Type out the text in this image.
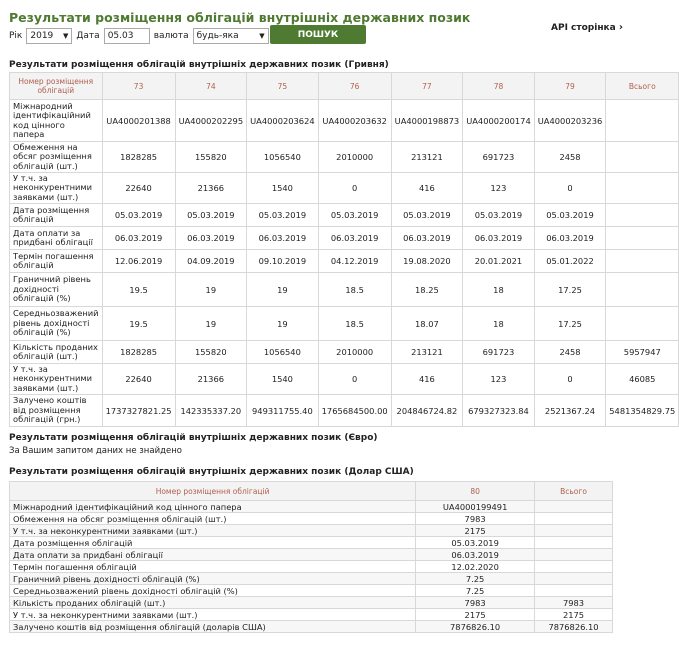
Результати розміщення облігацій внутрішніх державних позик
API сторінка ›
Рік 2019 ▼ Дата 05.03 валюта будь-яка	▼	ПОШУК
Результати розміщення облігацій внутрішніх державних позик (Гривня)
Номер розміщення облігацій	73	74	75	76	77	78	79	Всього
Міжнародний ідентифікаційний код цінного папера	UA4000201388	UA4000202295	UA4000203624	UA4000203632	UA4000198873	UA4000200174	UA4000203236	
Обмеження на обсяг розміщення облігацій (шт.)	1828285	155820	1056540	2010000	213121	691723	2458	
У т.ч. за неконкурентними заявками (шт.)	22640	21366	1540	0	416	123	0	
Дата розміщення облігацій	05.03.2019	05.03.2019	05.03.2019	05.03.2019	05.03.2019	05.03.2019	05.03.2019	
Дата оплати за придбані облігації	06.03.2019	06.03.2019	06.03.2019	06.03.2019	06.03.2019	06.03.2019	06.03.2019	
Термін погашення облігацій	12.06.2019	04.09.2019	09.10.2019	04.12.2019	19.08.2020	20.01.2021	05.01.2022	
Граничний рівень дохідності облігацій (%)	19.5	19	19	18.5	18.25	18	17.25	
Середньозважений рівень дохідності облігацій (%)	19.5	19	19	18.5	18.07	18	17.25	
Кількість проданих облігацій (шт.)	1828285	155820	1056540	2010000	213121	691723	2458	5957947
У т.ч. за неконкурентними заявками (шт.)	22640	21366	1540	0	416	123	0	46085
Залучено коштів від розміщення облігацій (грн.)	1737327821.25	142335337.20	949311755.40	1765684500.00	204846724.82	679327323.84	2521367.24	5481354829.75
Результати розміщення облігацій внутрішніх державних позик (Євро)
За Вашим запитом даних не знайдено
Результати розміщення облігацій внутрішніх державних позик (Долар США)
Номер розміщення облігацій	80	Всього
Міжнародний ідентифікаційний код цінного папера	UA4000199491	
Обмеження на обсяг розміщення облігацій (шт.)	7983	
У т.ч. за неконкурентними заявками (шт.)	2175	
Дата розміщення облігацій	05.03.2019	
Дата оплати за придбані облігації	06.03.2019	
Термін погашення облігацій	12.02.2020	
Граничний рівень дохідності облігацій (%)	7.25	
Середньозважений рівень дохідності облігацій (%)	7.25	
Кількість проданих облігацій (шт.)	7983	7983
У т.ч. за неконкурентними заявками (шт.)	2175	2175
Залучено коштів від розміщення облігацій (доларів США)	7876826.10	7876826.10
